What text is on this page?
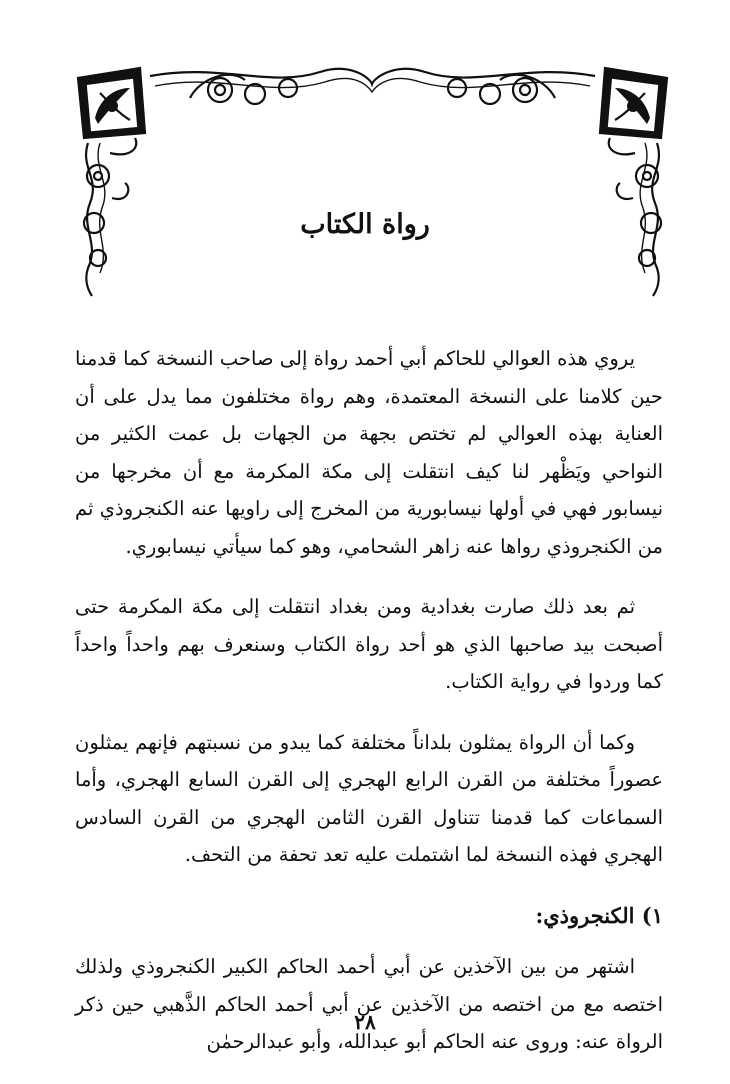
رواة الكتاب

يروي هذه العوالي للحاكم أبي أحمد رواة إلى صاحب النسخة كما قدمنا حين كلامنا على النسخة المعتمدة، وهم رواة مختلفون مما يدل على أن العناية بهذه العوالي لم تختص بجهة من الجهات بل عمت الكثير من النواحي ويَظْهر لنا كيف انتقلت إلى مكة المكرمة مع أن مخرجها من نيسابور فهي في أولها نيسابورية من المخرج إلى راويها عنه الكنجروذي ثم من الكنجروذي رواها عنه زاهر الشحامي، وهو كما سيأتي نيسابوري.

ثم بعد ذلك صارت بغدادية ومن بغداد انتقلت إلى مكة المكرمة حتى أصبحت بيد صاحبها الذي هو أحد رواة الكتاب وسنعرف بهم واحداً واحداً كما وردوا في رواية الكتاب.

وكما أن الرواة يمثلون بلداناً مختلفة كما يبدو من نسبتهم فإنهم يمثلون عصوراً مختلفة من القرن الرابع الهجري إلى القرن السابع الهجري، وأما السماعات كما قدمنا تتناول القرن الثامن الهجري من القرن السادس الهجري فهذه النسخة لما اشتملت عليه تعد تحفة من التحف.

١) الكنجروذي:

اشتهر من بين الآخذين عن أبي أحمد الحاكم الكبير الكنجروذي ولذلك اختصه مع من اختصه من الآخذين عن أبي أحمد الحاكم الذَّهبي حين ذكر الرواة عنه: وروى عنه الحاكم أبو عبدالله، وأبو عبدالرحمٰن

٢٨
